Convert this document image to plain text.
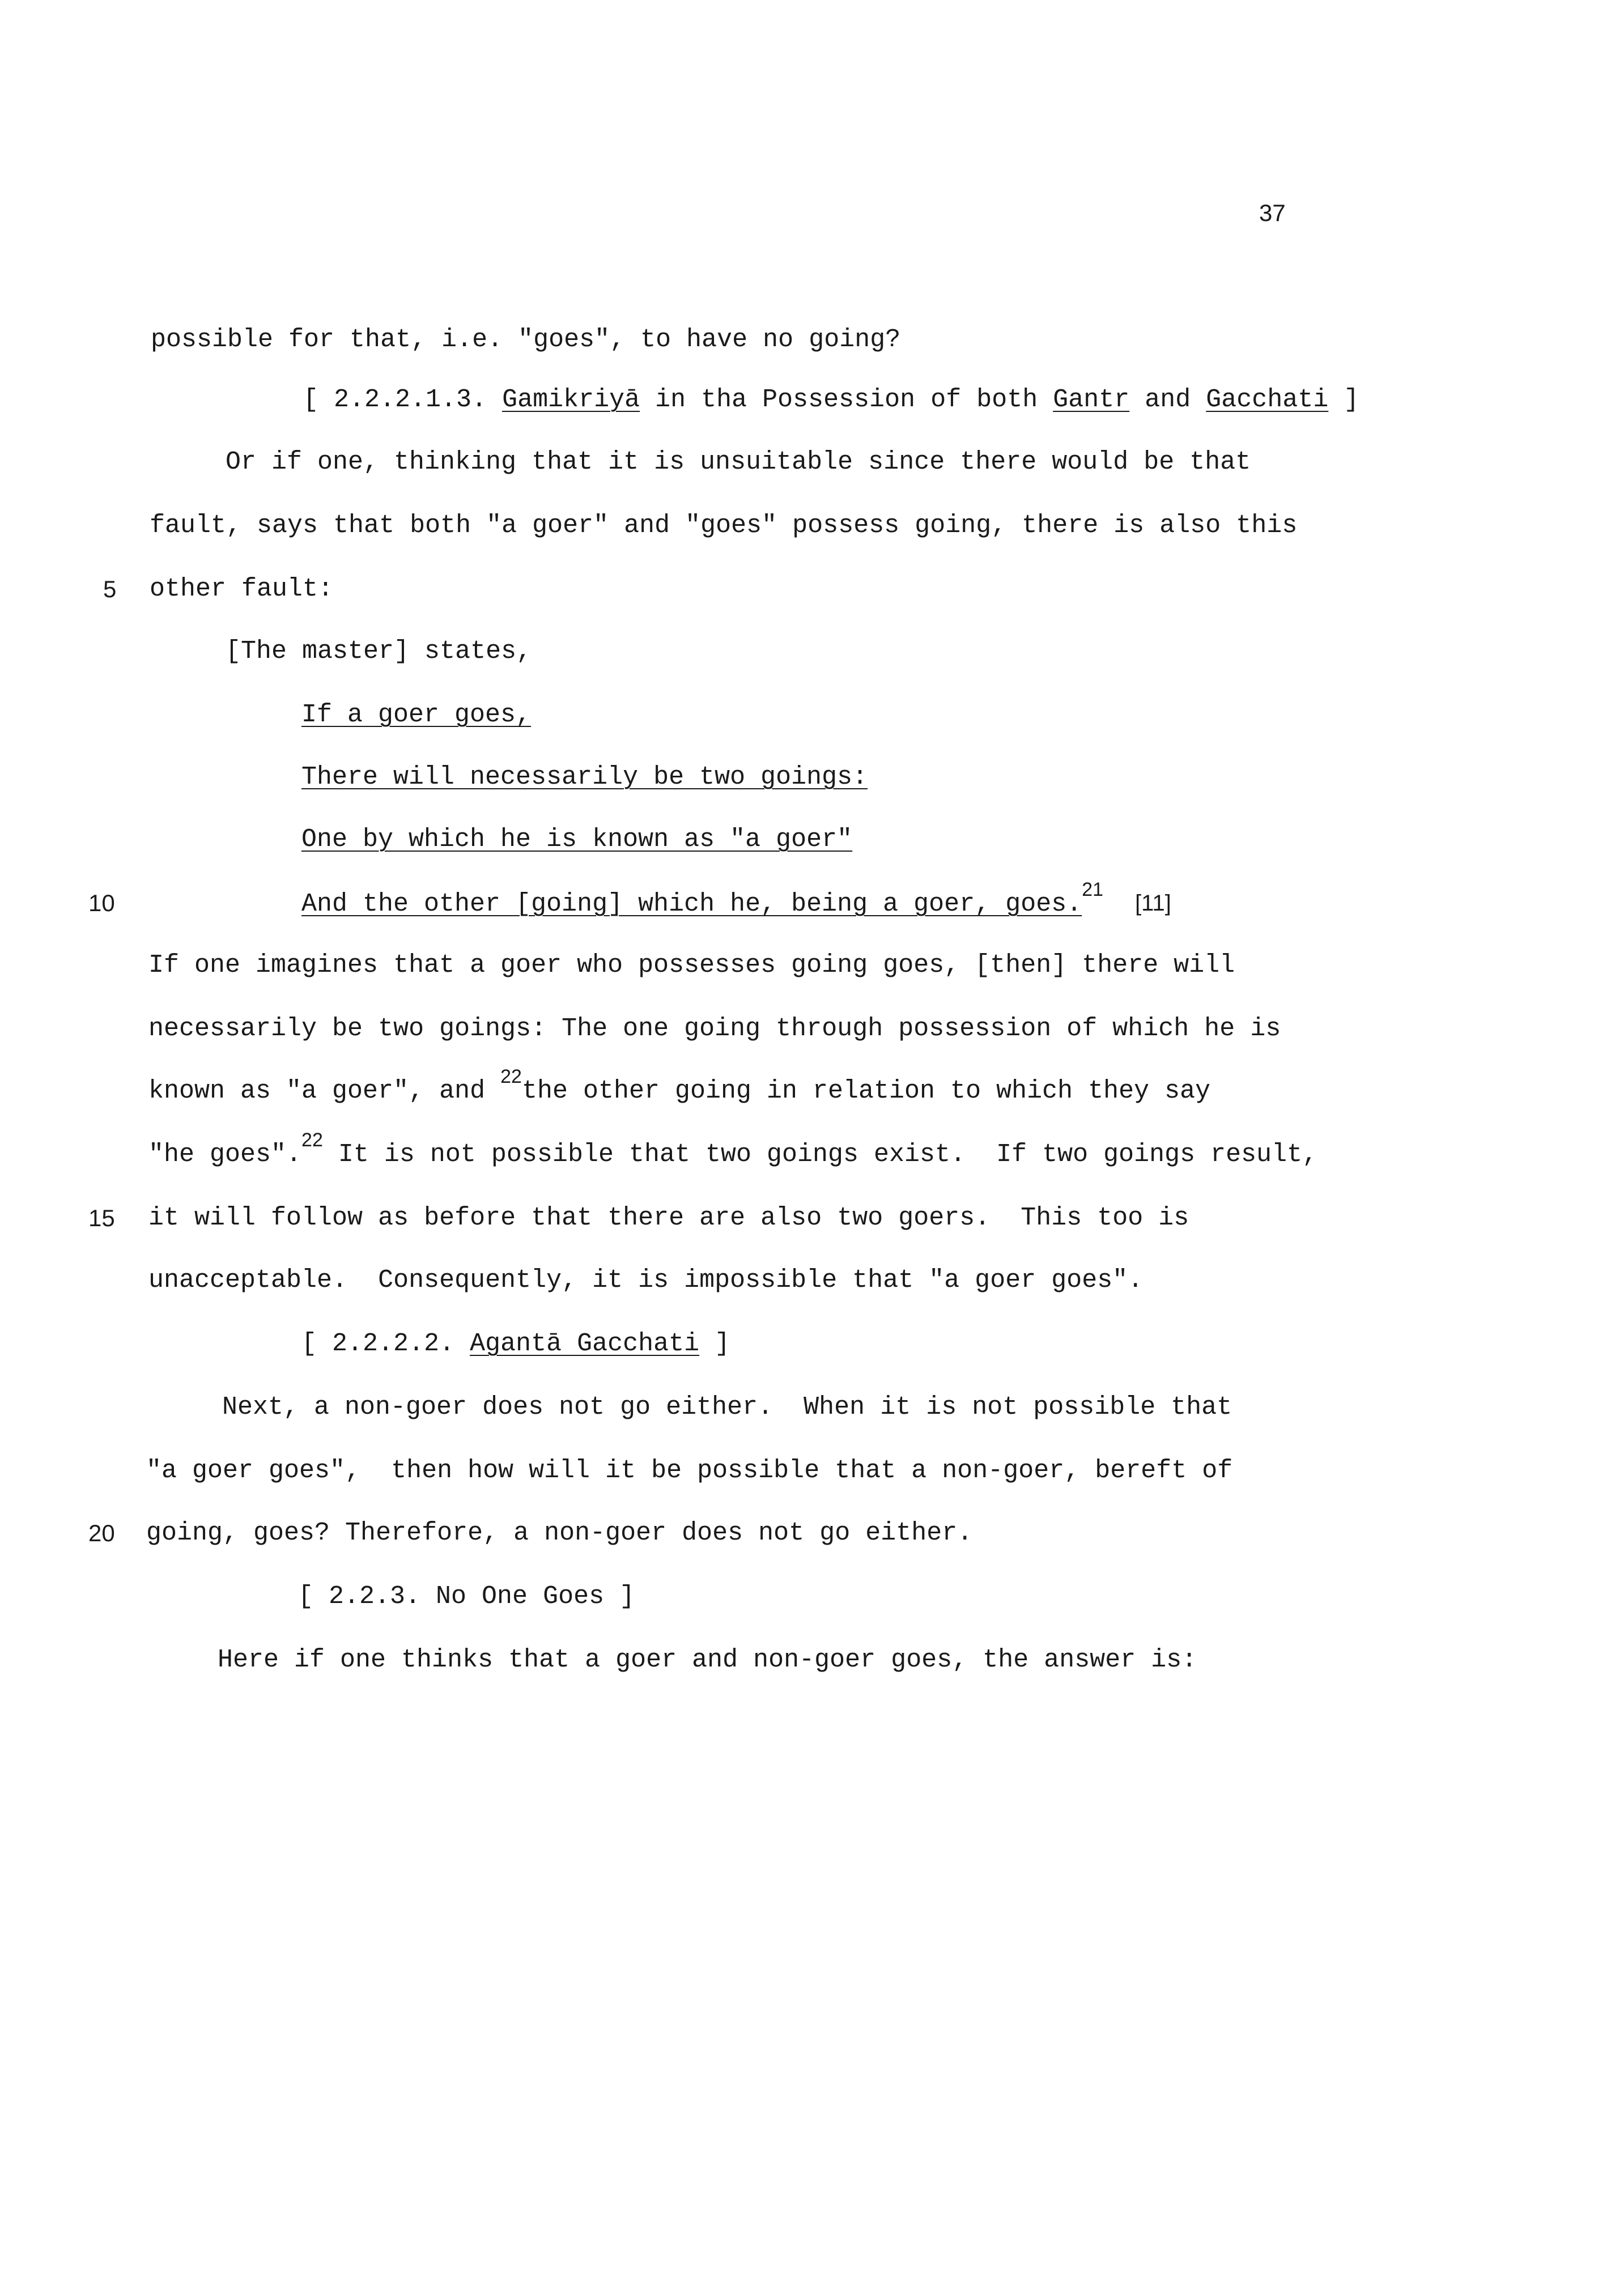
37
possible for that, i.e. "goes", to have no going?
[ 2.2.2.1.3. Gamikriyā in tha Possession of both Gantr and Gacchati ]
Or if one, thinking that it is unsuitable since there would be that
fault, says that both "a goer" and "goes" possess going, there is also this
5 other fault:
[The master] states,
If a goer goes,
There will necessarily be two goings:
One by which he is known as "a goer"
10	And the other [going] which he, being a goer, goes.$^{21}$[11]
If one imagines that a goer who possesses going goes, [then] there will
necessarily be two goings: The one going through possession of which he is
known as "a goer", and $^{22}$the other going in relation to which they say
"he goes".$^{22}$ It is not possible that two goings exist.  If two goings result,
15 it will follow as before that there are also two goers.  This too is
unacceptable.  Consequently, it is impossible that "a goer goes".
[ 2.2.2.2. Agantā Gacchati ]
Next, a non-goer does not go either.  When it is not possible that
"a goer goes",  then how will it be possible that a non-goer, bereft of
20 going, goes? Therefore, a non-goer does not go either.
[ 2.2.3. No One Goes ]
Here if one thinks that a goer and non-goer goes, the answer is:
